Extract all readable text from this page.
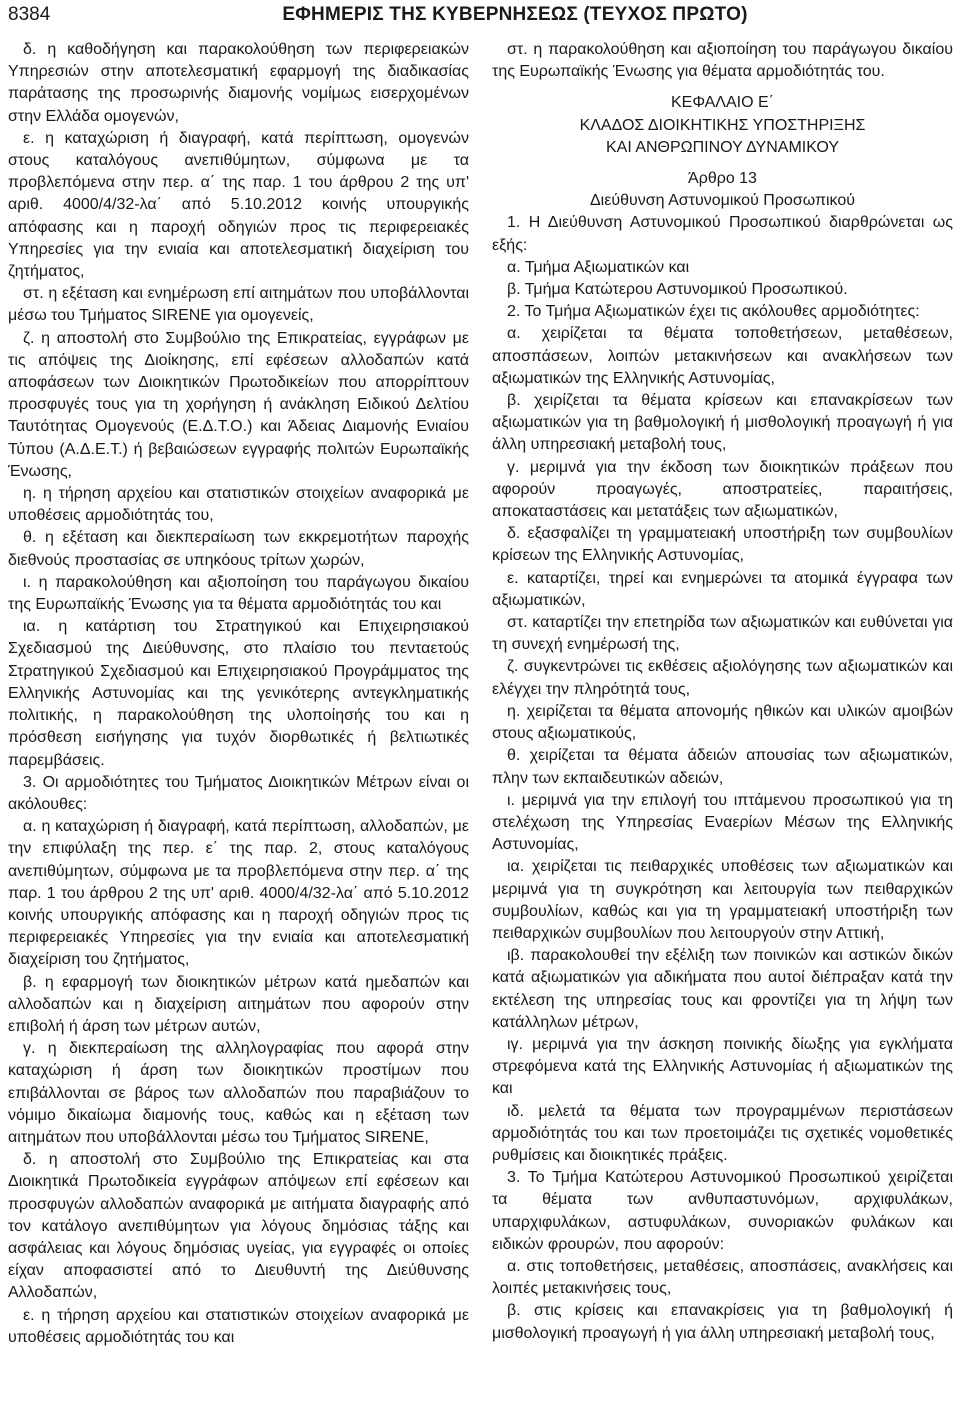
8384	ΕΦΗΜΕΡΙΣ ΤΗΣ ΚΥΒΕΡΝΗΣΕΩΣ (ΤΕΥΧΟΣ ΠΡΩΤΟ)

δ. η καθοδήγηση και παρακολούθηση των περιφερειακών Υπηρεσιών στην αποτελεσματική εφαρμογή της διαδικασίας παράτασης της προσωρινής διαμονής νομίμως εισερχομένων στην Ελλάδα ομογενών,

ε. η καταχώριση ή διαγραφή, κατά περίπτωση, ομογενών στους καταλόγους ανεπιθύμητων, σύμφωνα με τα προβλεπόμενα στην περ. α΄ της παρ. 1 του άρθρου 2 της υπ' αριθ. 4000/4/32-λα΄ από 5.10.2012 κοινής υπουργικής απόφασης και η παροχή οδηγιών προς τις περιφερειακές Υπηρεσίες για την ενιαία και αποτελεσματική διαχείριση του ζητήματος,

στ. η εξέταση και ενημέρωση επί αιτημάτων που υποβάλλονται μέσω του Τμήματος SIRENE για ομογενείς,

ζ. η αποστολή στο Συμβούλιο της Επικρατείας, εγγράφων με τις απόψεις της Διοίκησης, επί εφέσεων αλλοδαπών κατά αποφάσεων των Διοικητικών Πρωτοδικείων που απορρίπτουν προσφυγές τους για τη χορήγηση ή ανάκληση Ειδικού Δελτίου Ταυτότητας Ομογενούς (Ε.Δ.Τ.Ο.) και Άδειας Διαμονής Ενιαίου Τύπου (Α.Δ.Ε.Τ.) ή βεβαιώσεων εγγραφής πολιτών Ευρωπαϊκής Ένωσης,

η. η τήρηση αρχείου και στατιστικών στοιχείων αναφορικά με υποθέσεις αρμοδιότητάς του,

θ. η εξέταση και διεκπεραίωση των εκκρεμοτήτων παροχής διεθνούς προστασίας σε υπηκόους τρίτων χωρών,

ι. η παρακολούθηση και αξιοποίηση του παράγωγου δικαίου της Ευρωπαϊκής Ένωσης για τα θέματα αρμοδιότητάς του και

ια. η κατάρτιση του Στρατηγικού και Επιχειρησιακού Σχεδιασμού της Διεύθυνσης, στο πλαίσιο του πενταετούς Στρατηγικού Σχεδιασμού και Επιχειρησιακού Προγράμματος της Ελληνικής Αστυνομίας και της γενικότερης αντεγκληματικής πολιτικής, η παρακολούθηση της υλοποίησής του και η πρόσθεση εισήγησης για τυχόν διορθωτικές ή βελτιωτικές παρεμβάσεις.

3. Οι αρμοδιότητες του Τμήματος Διοικητικών Μέτρων είναι οι ακόλουθες:

α. η καταχώριση ή διαγραφή, κατά περίπτωση, αλλοδαπών, με την επιφύλαξη της περ. ε΄ της παρ. 2, στους καταλόγους ανεπιθύμητων, σύμφωνα με τα προβλεπόμενα στην περ. α΄ της παρ. 1 του άρθρου 2 της υπ' αριθ. 4000/4/32-λα΄ από 5.10.2012 κοινής υπουργικής απόφασης και η παροχή οδηγιών προς τις περιφερειακές Υπηρεσίες για την ενιαία και αποτελεσματική διαχείριση του ζητήματος,

β. η εφαρμογή των διοικητικών μέτρων κατά ημεδαπών και αλλοδαπών και η διαχείριση αιτημάτων που αφορούν στην επιβολή ή άρση των μέτρων αυτών,

γ. η διεκπεραίωση της αλληλογραφίας που αφορά στην καταχώριση ή άρση των διοικητικών προστίμων που επιβάλλονται σε βάρος των αλλοδαπών που παραβιάζουν το νόμιμο δικαίωμα διαμονής τους, καθώς και η εξέταση των αιτημάτων που υποβάλλονται μέσω του Τμήματος SIRENE,

δ. η αποστολή στο Συμβούλιο της Επικρατείας και στα Διοικητικά Πρωτοδικεία εγγράφων απόψεων επί εφέσεων και προσφυγών αλλοδαπών αναφορικά με αιτήματα διαγραφής από τον κατάλογο ανεπιθύμητων για λόγους δημόσιας τάξης και ασφάλειας και λόγους δημόσιας υγείας, για εγγραφές οι οποίες είχαν αποφασιστεί από το Διευθυντή της Διεύθυνσης Αλλοδαπών,

ε. η τήρηση αρχείου και στατιστικών στοιχείων αναφορικά με υποθέσεις αρμοδιότητάς του και

στ. η παρακολούθηση και αξιοποίηση του παράγωγου δικαίου της Ευρωπαϊκής Ένωσης για θέματα αρμοδιότητάς του.

ΚΕΦΑΛΑΙΟ Ε΄

ΚΛΑΔΟΣ ΔΙΟΙΚΗΤΙΚΗΣ ΥΠΟΣΤΗΡΙΞΗΣ

ΚΑΙ ΑΝΘΡΩΠΙΝΟΥ ΔΥΝΑΜΙΚΟΥ

Άρθρο 13

Διεύθυνση Αστυνομικού Προσωπικού

1. Η Διεύθυνση Αστυνομικού Προσωπικού διαρθρώνεται ως εξής:

α. Τμήμα Αξιωματικών και

β. Τμήμα Κατώτερου Αστυνομικού Προσωπικού.

2. Το Τμήμα Αξιωματικών έχει τις ακόλουθες αρμοδιότητες:

α. χειρίζεται τα θέματα τοποθετήσεων, μεταθέσεων, αποσπάσεων, λοιπών μετακινήσεων και ανακλήσεων των αξιωματικών της Ελληνικής Αστυνομίας,

β. χειρίζεται τα θέματα κρίσεων και επανακρίσεων των αξιωματικών για τη βαθμολογική ή μισθολογική προαγωγή ή για άλλη υπηρεσιακή μεταβολή τους,

γ. μεριμνά για την έκδοση των διοικητικών πράξεων που αφορούν προαγωγές, αποστρατείες, παραιτήσεις, αποκαταστάσεις και μετατάξεις των αξιωματικών,

δ. εξασφαλίζει τη γραμματειακή υποστήριξη των συμβουλίων κρίσεων της Ελληνικής Αστυνομίας,

ε. καταρτίζει, τηρεί και ενημερώνει τα ατομικά έγγραφα των αξιωματικών,

στ. καταρτίζει την επετηρίδα των αξιωματικών και ευθύνεται για τη συνεχή ενημέρωσή της,

ζ. συγκεντρώνει τις εκθέσεις αξιολόγησης των αξιωματικών και ελέγχει την πληρότητά τους,

η. χειρίζεται τα θέματα απονομής ηθικών και υλικών αμοιβών στους αξιωματικούς,

θ. χειρίζεται τα θέματα άδειών απουσίας των αξιωματικών, πλην των εκπαιδευτικών αδειών,

ι. μεριμνά για την επιλογή του ιπτάμενου προσωπικού για τη στελέχωση της Υπηρεσίας Εναερίων Μέσων της Ελληνικής Αστυνομίας,

ια. χειρίζεται τις πειθαρχικές υποθέσεις των αξιωματικών και μεριμνά για τη συγκρότηση και λειτουργία των πειθαρχικών συμβουλίων, καθώς και για τη γραμματειακή υποστήριξη των πειθαρχικών συμβουλίων που λειτουργούν στην Αττική,

ιβ. παρακολουθεί την εξέλιξη των ποινικών και αστικών δικών κατά αξιωματικών για αδικήματα που αυτοί διέπραξαν κατά την εκτέλεση της υπηρεσίας τους και φροντίζει για τη λήψη των κατάλληλων μέτρων,

ιγ. μεριμνά για την άσκηση ποινικής δίωξης για εγκλήματα στρεφόμενα κατά της Ελληνικής Αστυνομίας ή αξιωματικών της και

ιδ. μελετά τα θέματα των προγραμμένων περιστάσεων αρμοδιότητάς του και των προετοιμάζει τις σχετικές νομοθετικές ρυθμίσεις και διοικητικές πράξεις.

3. Το Τμήμα Κατώτερου Αστυνομικού Προσωπικού χειρίζεται τα θέματα των ανθυπαστυνόμων, αρχιφυλάκων, υπαρχιφυλάκων, αστυφυλάκων, συνοριακών φυλάκων και ειδικών φρουρών, που αφορούν:

α. στις τοποθετήσεις, μεταθέσεις, αποσπάσεις, ανακλήσεις και λοιπές μετακινήσεις τους,

β. στις κρίσεις και επανακρίσεις για τη βαθμολογική ή μισθολογική προαγωγή ή για άλλη υπηρεσιακή μεταβολή τους,
